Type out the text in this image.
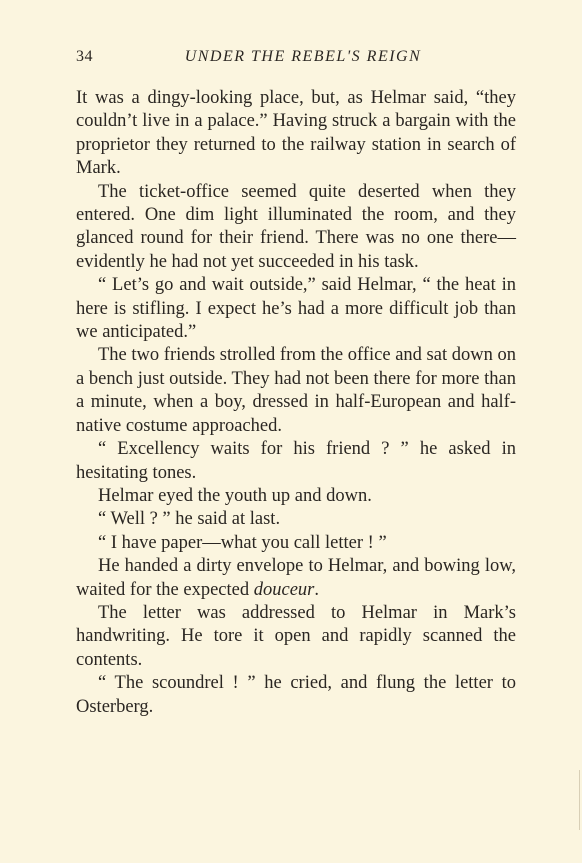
34	UNDER THE REBEL'S REIGN

It was a dingy-looking place, but, as Helmar said, “they couldn’t live in a palace.” Having struck a bargain with the proprietor they returned to the railway station in search of Mark.

The ticket-office seemed quite deserted when they entered. One dim light illuminated the room, and they glanced round for their friend. There was no one there—evidently he had not yet succeeded in his task.

“ Let’s go and wait outside,” said Helmar, “ the heat in here is stifling. I expect he’s had a more difficult job than we anticipated.”

The two friends strolled from the office and sat down on a bench just outside. They had not been there for more than a minute, when a boy, dressed in half-European and half-native costume approached.

“ Excellency waits for his friend ? ” he asked in hesitating tones.

Helmar eyed the youth up and down.

“ Well ? ” he said at last.

“ I have paper—what you call letter ! ”

He handed a dirty envelope to Helmar, and bowing low, waited for the expected douceur.

The letter was addressed to Helmar in Mark’s handwriting. He tore it open and rapidly scanned the contents.

“ The scoundrel ! ” he cried, and flung the letter to Osterberg.
